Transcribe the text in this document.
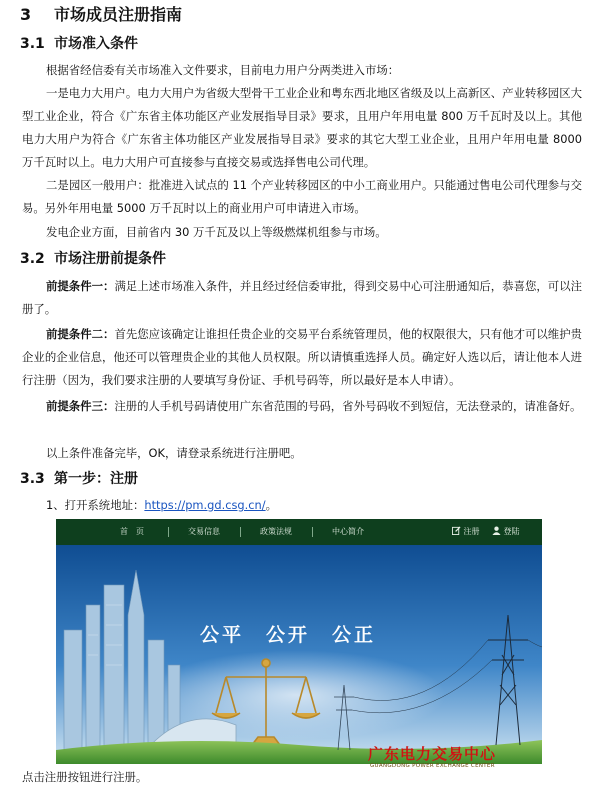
3 市场成员注册指南
3.1 市场准入条件
根据省经信委有关市场准入文件要求，目前电力用户分两类进入市场：
一是电力大用户。电力大用户为省级大型骨干工业企业和粤东西北地区省级及以上高新区、产业转移园区大型工业企业，符合《广东省主体功能区产业发展指导目录》要求，且用户年用电量 800 万千瓦时及以上。其他电力大用户为符合《广东省主体功能区产业发展指导目录》要求的其它大型工业企业，且用户年用电量 8000 万千瓦时以上。电力大用户可直接参与直接交易或选择售电公司代理。
二是园区一般用户：批准进入试点的 11 个产业转移园区的中小工商业用户。只能通过售电公司代理参与交易。另外年用电量 5000 万千瓦时以上的商业用户可申请进入市场。
发电企业方面，目前省内 30 万千瓦及以上等级燃煤机组参与市场。
3.2 市场注册前提条件
前提条件一：满足上述市场准入条件，并且经过经信委审批，得到交易中心可注册通知后，恭喜您，可以注册了。
前提条件二：首先您应该确定让谁担任贵企业的交易平台系统管理员，他的权限很大，只有他才可以维护贵企业的企业信息，他还可以管理贵企业的其他人员权限。所以请慎重选择人员。确定好人选以后，请让他本人进行注册（因为，我们要求注册的人要填写身份证、手机号码等，所以最好是本人申请）。
前提条件三：注册的人手机号码请使用广东省范围的号码，省外号码收不到短信，无法登录的，请准备好。
以上条件准备完毕，OK，请登录系统进行注册吧。
3.3 第一步：注册
1、打开系统地址：https://pm.gd.csg.cn/。
首　页	交易信息	政策法规	中心简介	注册	登陆
公平　公开　公正
广东电力交易中心
GUANGDONG POWER EXCHANGE CENTER
点击注册按钮进行注册。
